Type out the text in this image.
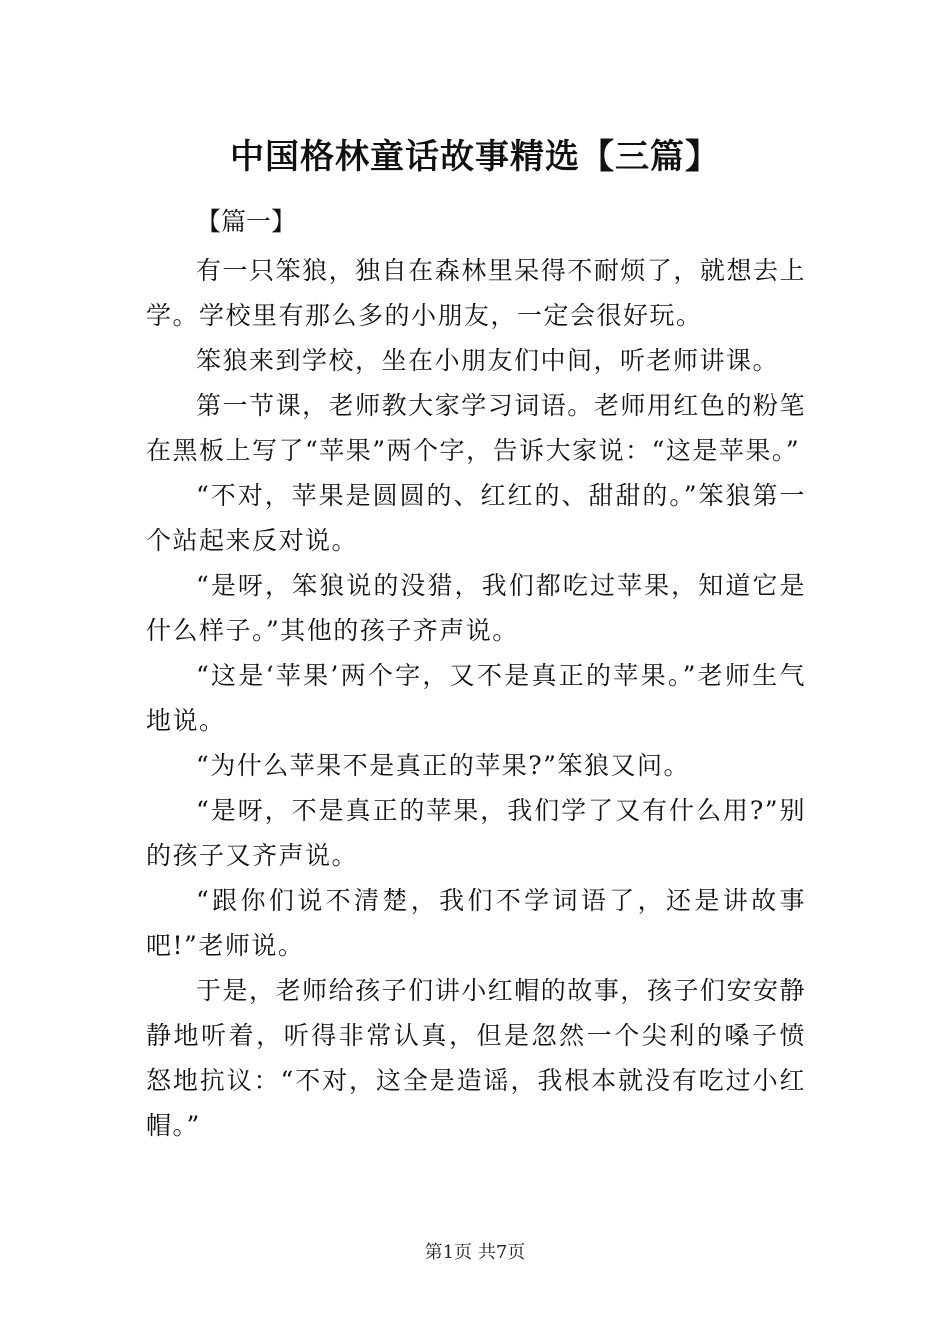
中国格林童话故事精选【三篇】
【篇一】

有一只笨狼，独自在森林里呆得不耐烦了，就想去上学。学校里有那么多的小朋友，一定会很好玩。

笨狼来到学校，坐在小朋友们中间，听老师讲课。

第一节课，老师教大家学习词语。老师用红色的粉笔在黑板上写了“苹果”两个字，告诉大家说：“这是苹果。”

“不对，苹果是圆圆的、红红的、甜甜的。”笨狼第一个站起来反对说。

“是呀，笨狼说的没猎，我们都吃过苹果，知道它是什么样子。”其他的孩子齐声说。

“这是‘苹果’两个字，又不是真正的苹果。”老师生气地说。

“为什么苹果不是真正的苹果?”笨狼又问。

“是呀，不是真正的苹果，我们学了又有什么用?”别的孩子又齐声说。

“跟你们说不清楚，我们不学词语了，还是讲故事吧!”老师说。

于是，老师给孩子们讲小红帽的故事，孩子们安安静静地听着，听得非常认真，但是忽然一个尖利的嗓子愤怒地抗议：“不对，这全是造谣，我根本就没有吃过小红帽。”

第1页 共7页
